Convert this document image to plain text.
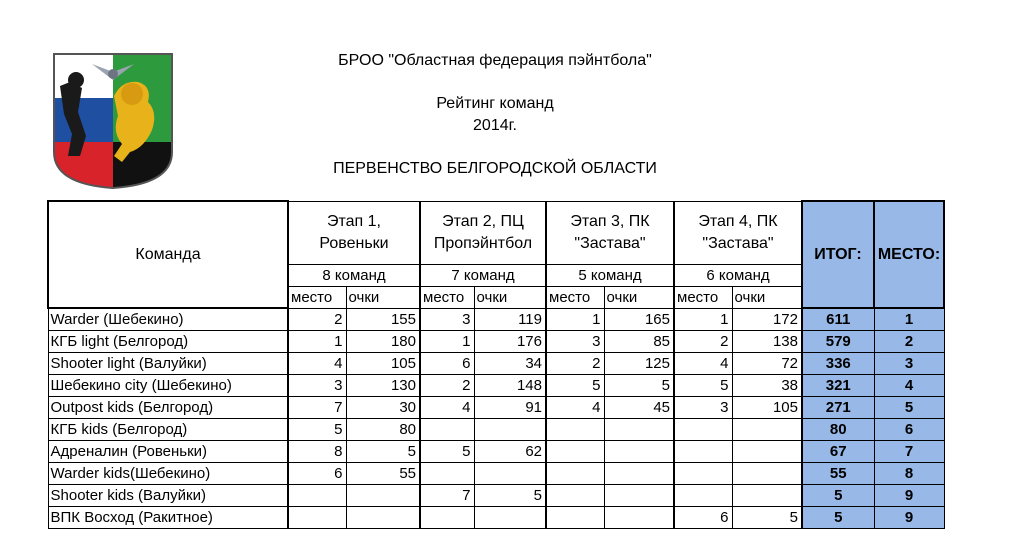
БРОО "Областная федерация пэйнтбола"
Рейтинг команд
2014г.
ПЕРВЕНСТВО БЕЛГОРОДСКОЙ ОБЛАСТИ
Команда	Этап 1, Ровеньки		Этап 2, ПЦ Пропэйнтбол		Этап 3, ПК "Застава"		Этап 4, ПК "Застава"		ИТОГ:	МЕСТО:
	8 команд		7 команд		5 команд		6 команд			
	место	очки	место	очки	место	очки	место	очки		
Warder (Шебекино)	2	155	3	119	1	165	1	172	611	1
КГБ light (Белгород)	1	180	1	176	3	85	2	138	579	2
Shooter light (Валуйки)	4	105	6	34	2	125	4	72	336	3
Шебекино city (Шебекино)	3	130	2	148	5	5	5	38	321	4
Outpost kids (Белгород)	7	30	4	91	4	45	3	105	271	5
КГБ kids (Белгород)	5	80							80	6
Адреналин (Ровеньки)	8	5	5	62					67	7
Warder kids(Шебекино)	6	55							55	8
Shooter kids (Валуйки)			7	5					5	9
ВПК Восход (Ракитное)							6	5	5	9
